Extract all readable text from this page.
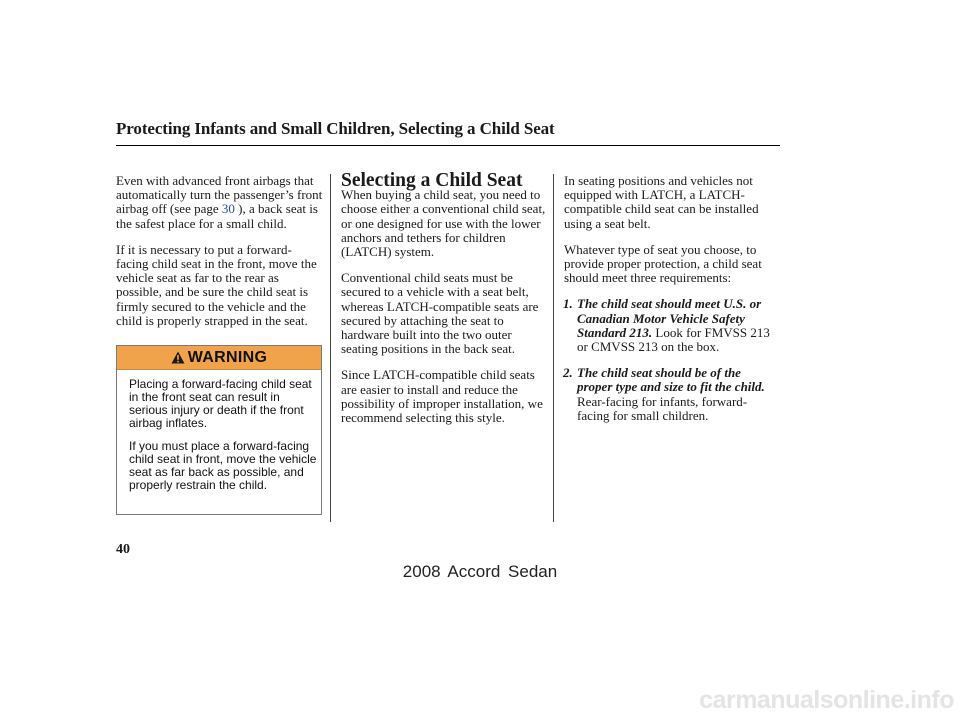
Protecting Infants and Small Children, Selecting a Child Seat

Even with advanced front airbags that automatically turn the passenger’s front airbag off (see page 30 ), a back seat is the safest place for a small child.

If it is necessary to put a forward-facing child seat in the front, move the vehicle seat as far to the rear as possible, and be sure the child seat is firmly secured to the vehicle and the child is properly strapped in the seat.

WARNING

Placing a forward-facing child seat in the front seat can result in serious injury or death if the front airbag inflates.

If you must place a forward-facing child seat in front, move the vehicle seat as far back as possible, and properly restrain the child.

Selecting a Child Seat

When buying a child seat, you need to choose either a conventional child seat, or one designed for use with the lower anchors and tethers for children (LATCH) system.

Conventional child seats must be secured to a vehicle with a seat belt, whereas LATCH-compatible seats are secured by attaching the seat to hardware built into the two outer seating positions in the back seat.

Since LATCH-compatible child seats are easier to install and reduce the possibility of improper installation, we recommend selecting this style.

In seating positions and vehicles not equipped with LATCH, a LATCH-compatible child seat can be installed using a seat belt.

Whatever type of seat you choose, to provide proper protection, a child seat should meet three requirements:

1. The child seat should meet U.S. or Canadian Motor Vehicle Safety Standard 213. Look for FMVSS 213 or CMVSS 213 on the box.
2. The child seat should be of the proper type and size to fit the child. Rear-facing for infants, forward-facing for small children.
40
2008 Accord Sedan
carmanualsonline.info
